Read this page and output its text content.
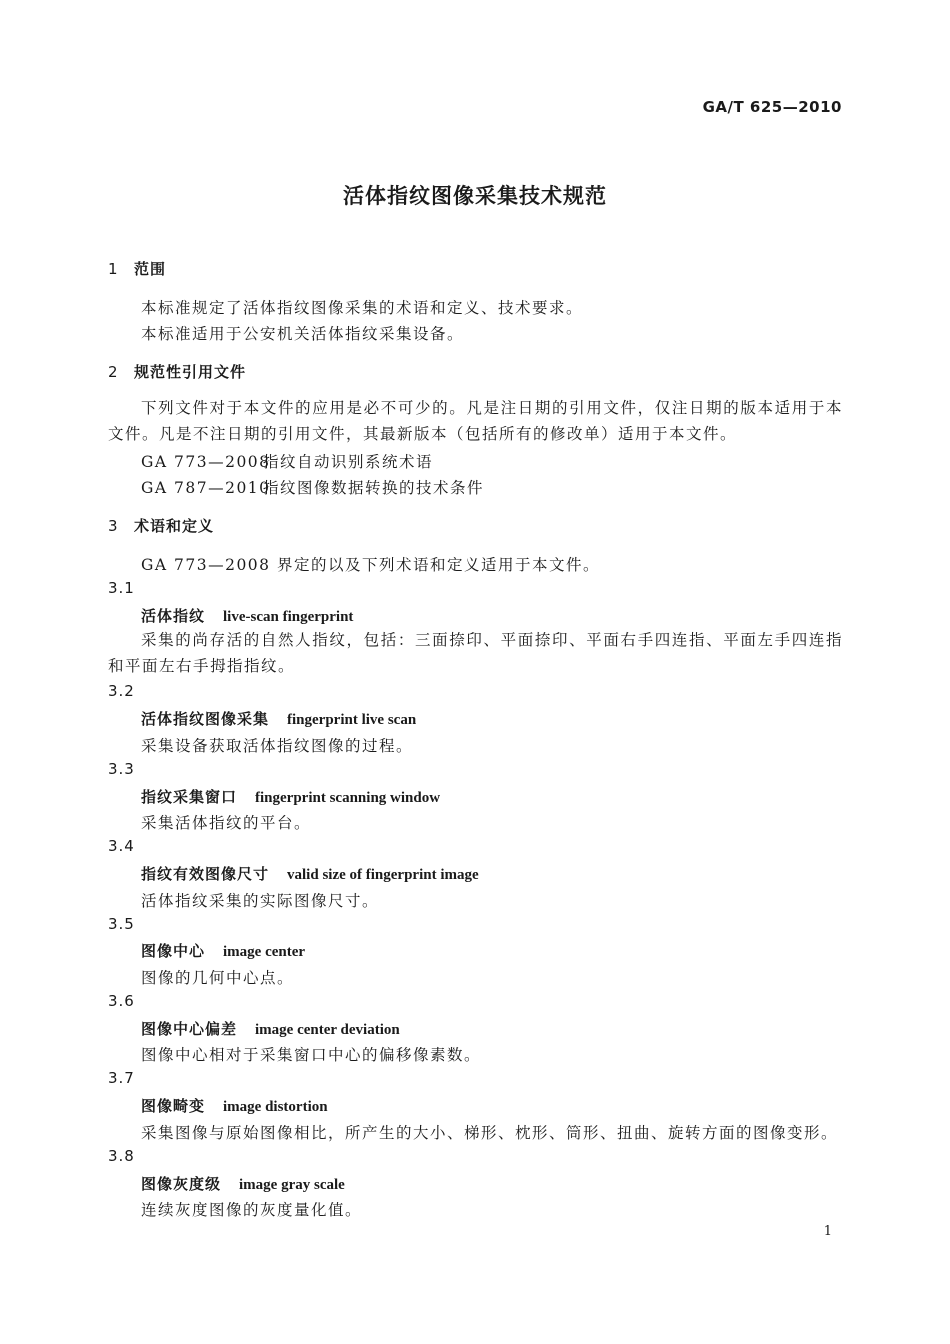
GA/T 625—2010
活体指纹图像采集技术规范
1 范围
本标准规定了活体指纹图像采集的术语和定义、技术要求。
本标准适用于公安机关活体指纹采集设备。
2 规范性引用文件
下列文件对于本文件的应用是必不可少的。凡是注日期的引用文件，仅注日期的版本适用于本文件。凡是不注日期的引用文件，其最新版本（包括所有的修改单）适用于本文件。
GA 773—2008指纹自动识别系统术语
GA 787—2010指纹图像数据转换的技术条件
3 术语和定义
GA 773—2008 界定的以及下列术语和定义适用于本文件。
3.1
活体指纹 live-scan fingerprint
采集的尚存活的自然人指纹，包括：三面捺印、平面捺印、平面右手四连指、平面左手四连指和平面左右手拇指指纹。
3.2
活体指纹图像采集 fingerprint live scan
采集设备获取活体指纹图像的过程。
3.3
指纹采集窗口 fingerprint scanning window
采集活体指纹的平台。
3.4
指纹有效图像尺寸 valid size of fingerprint image
活体指纹采集的实际图像尺寸。
3.5
图像中心 image center
图像的几何中心点。
3.6
图像中心偏差 image center deviation
图像中心相对于采集窗口中心的偏移像素数。
3.7
图像畸变 image distortion
采集图像与原始图像相比，所产生的大小、梯形、枕形、筒形、扭曲、旋转方面的图像变形。
3.8
图像灰度级 image gray scale
连续灰度图像的灰度量化值。
1
